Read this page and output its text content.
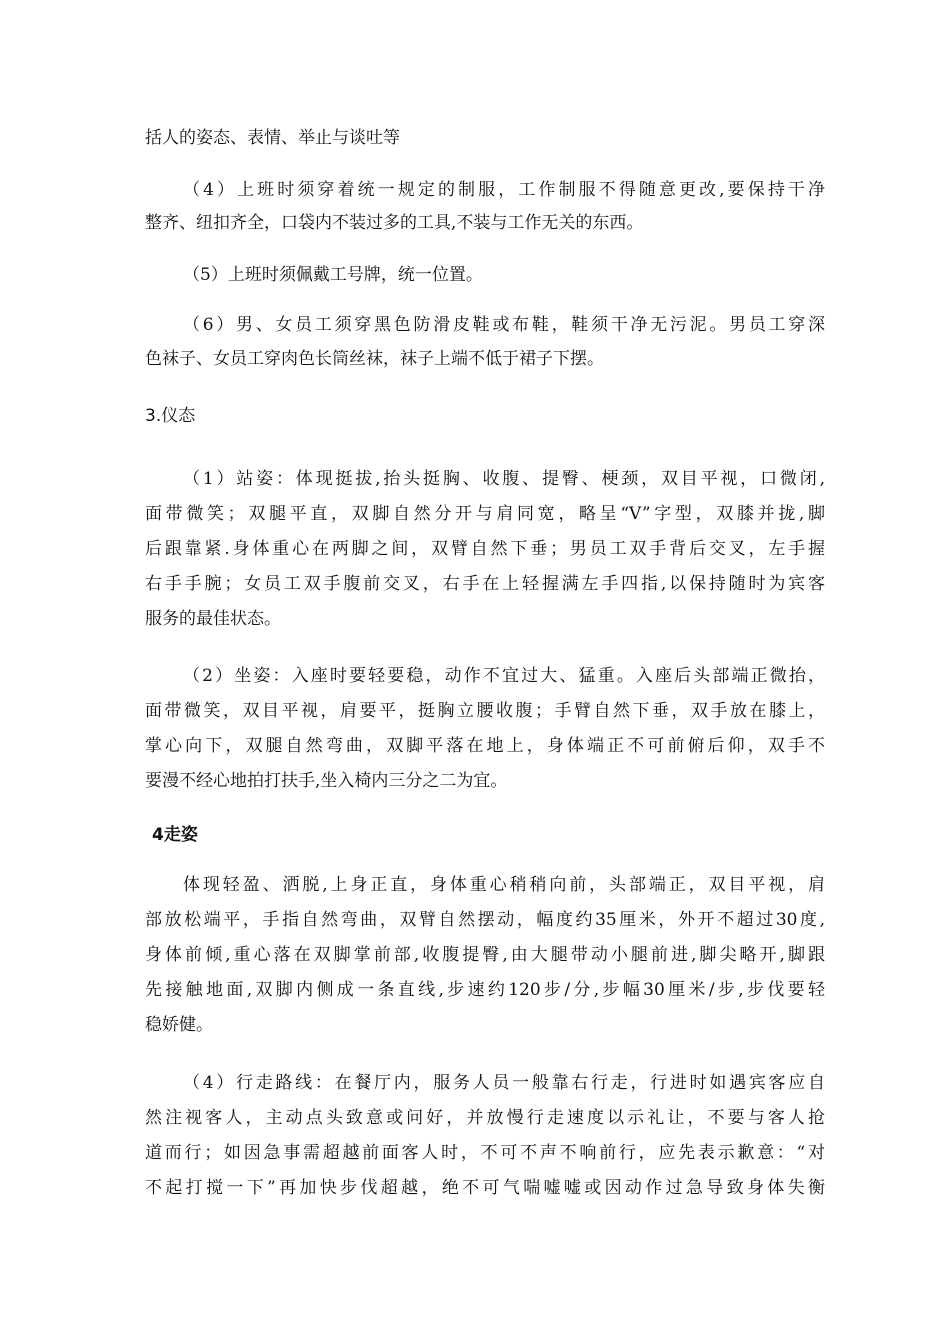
括人的姿态、表情、举止与谈吐等
（4）上班时须穿着统一规定的制服，工作制服不得随意更改,要保持干净
整齐、纽扣齐全，口袋内不装过多的工具,不装与工作无关的东西。
（5）上班时须佩戴工号牌，统一位置。
（6）男、女员工须穿黑色防滑皮鞋或布鞋，鞋须干净无污泥。男员工穿深
色袜子、女员工穿肉色长筒丝袜，袜子上端不低于裙子下摆。
3.仪态
（1）站姿：体现挺拔,抬头挺胸、收腹、提臀、梗颈，双目平视，口微闭,
面带微笑；双腿平直，双脚自然分开与肩同宽，略呈“V”字型，双膝并拢,脚
后跟靠紧.身体重心在两脚之间，双臂自然下垂；男员工双手背后交叉，左手握
右手手腕；女员工双手腹前交叉，右手在上轻握满左手四指,以保持随时为宾客
服务的最佳状态。
（2）坐姿：入座时要轻要稳，动作不宜过大、猛重。入座后头部端正微抬，
面带微笑，双目平视，肩要平，挺胸立腰收腹；手臂自然下垂，双手放在膝上，
掌心向下，双腿自然弯曲，双脚平落在地上，身体端正不可前俯后仰，双手不
要漫不经心地拍打扶手,坐入椅内三分之二为宜。
4走姿
体现轻盈、洒脱,上身正直，身体重心稍稍向前，头部端正，双目平视，肩
部放松端平，手指自然弯曲，双臂自然摆动，幅度约35厘米，外开不超过30度,
身体前倾,重心落在双脚掌前部,收腹提臀,由大腿带动小腿前进,脚尖略开,脚跟
先接触地面,双脚内侧成一条直线,步速约120步/分,步幅30厘米/步,步伐要轻
稳娇健。
（4）行走路线：在餐厅内，服务人员一般靠右行走，行进时如遇宾客应自
然注视客人，主动点头致意或问好，并放慢行走速度以示礼让，不要与客人抢
道而行；如因急事需超越前面客人时，不可不声不响前行，应先表示歉意：“对
不起打搅一下”再加快步伐超越，绝不可气喘嘘嘘或因动作过急导致身体失衡
